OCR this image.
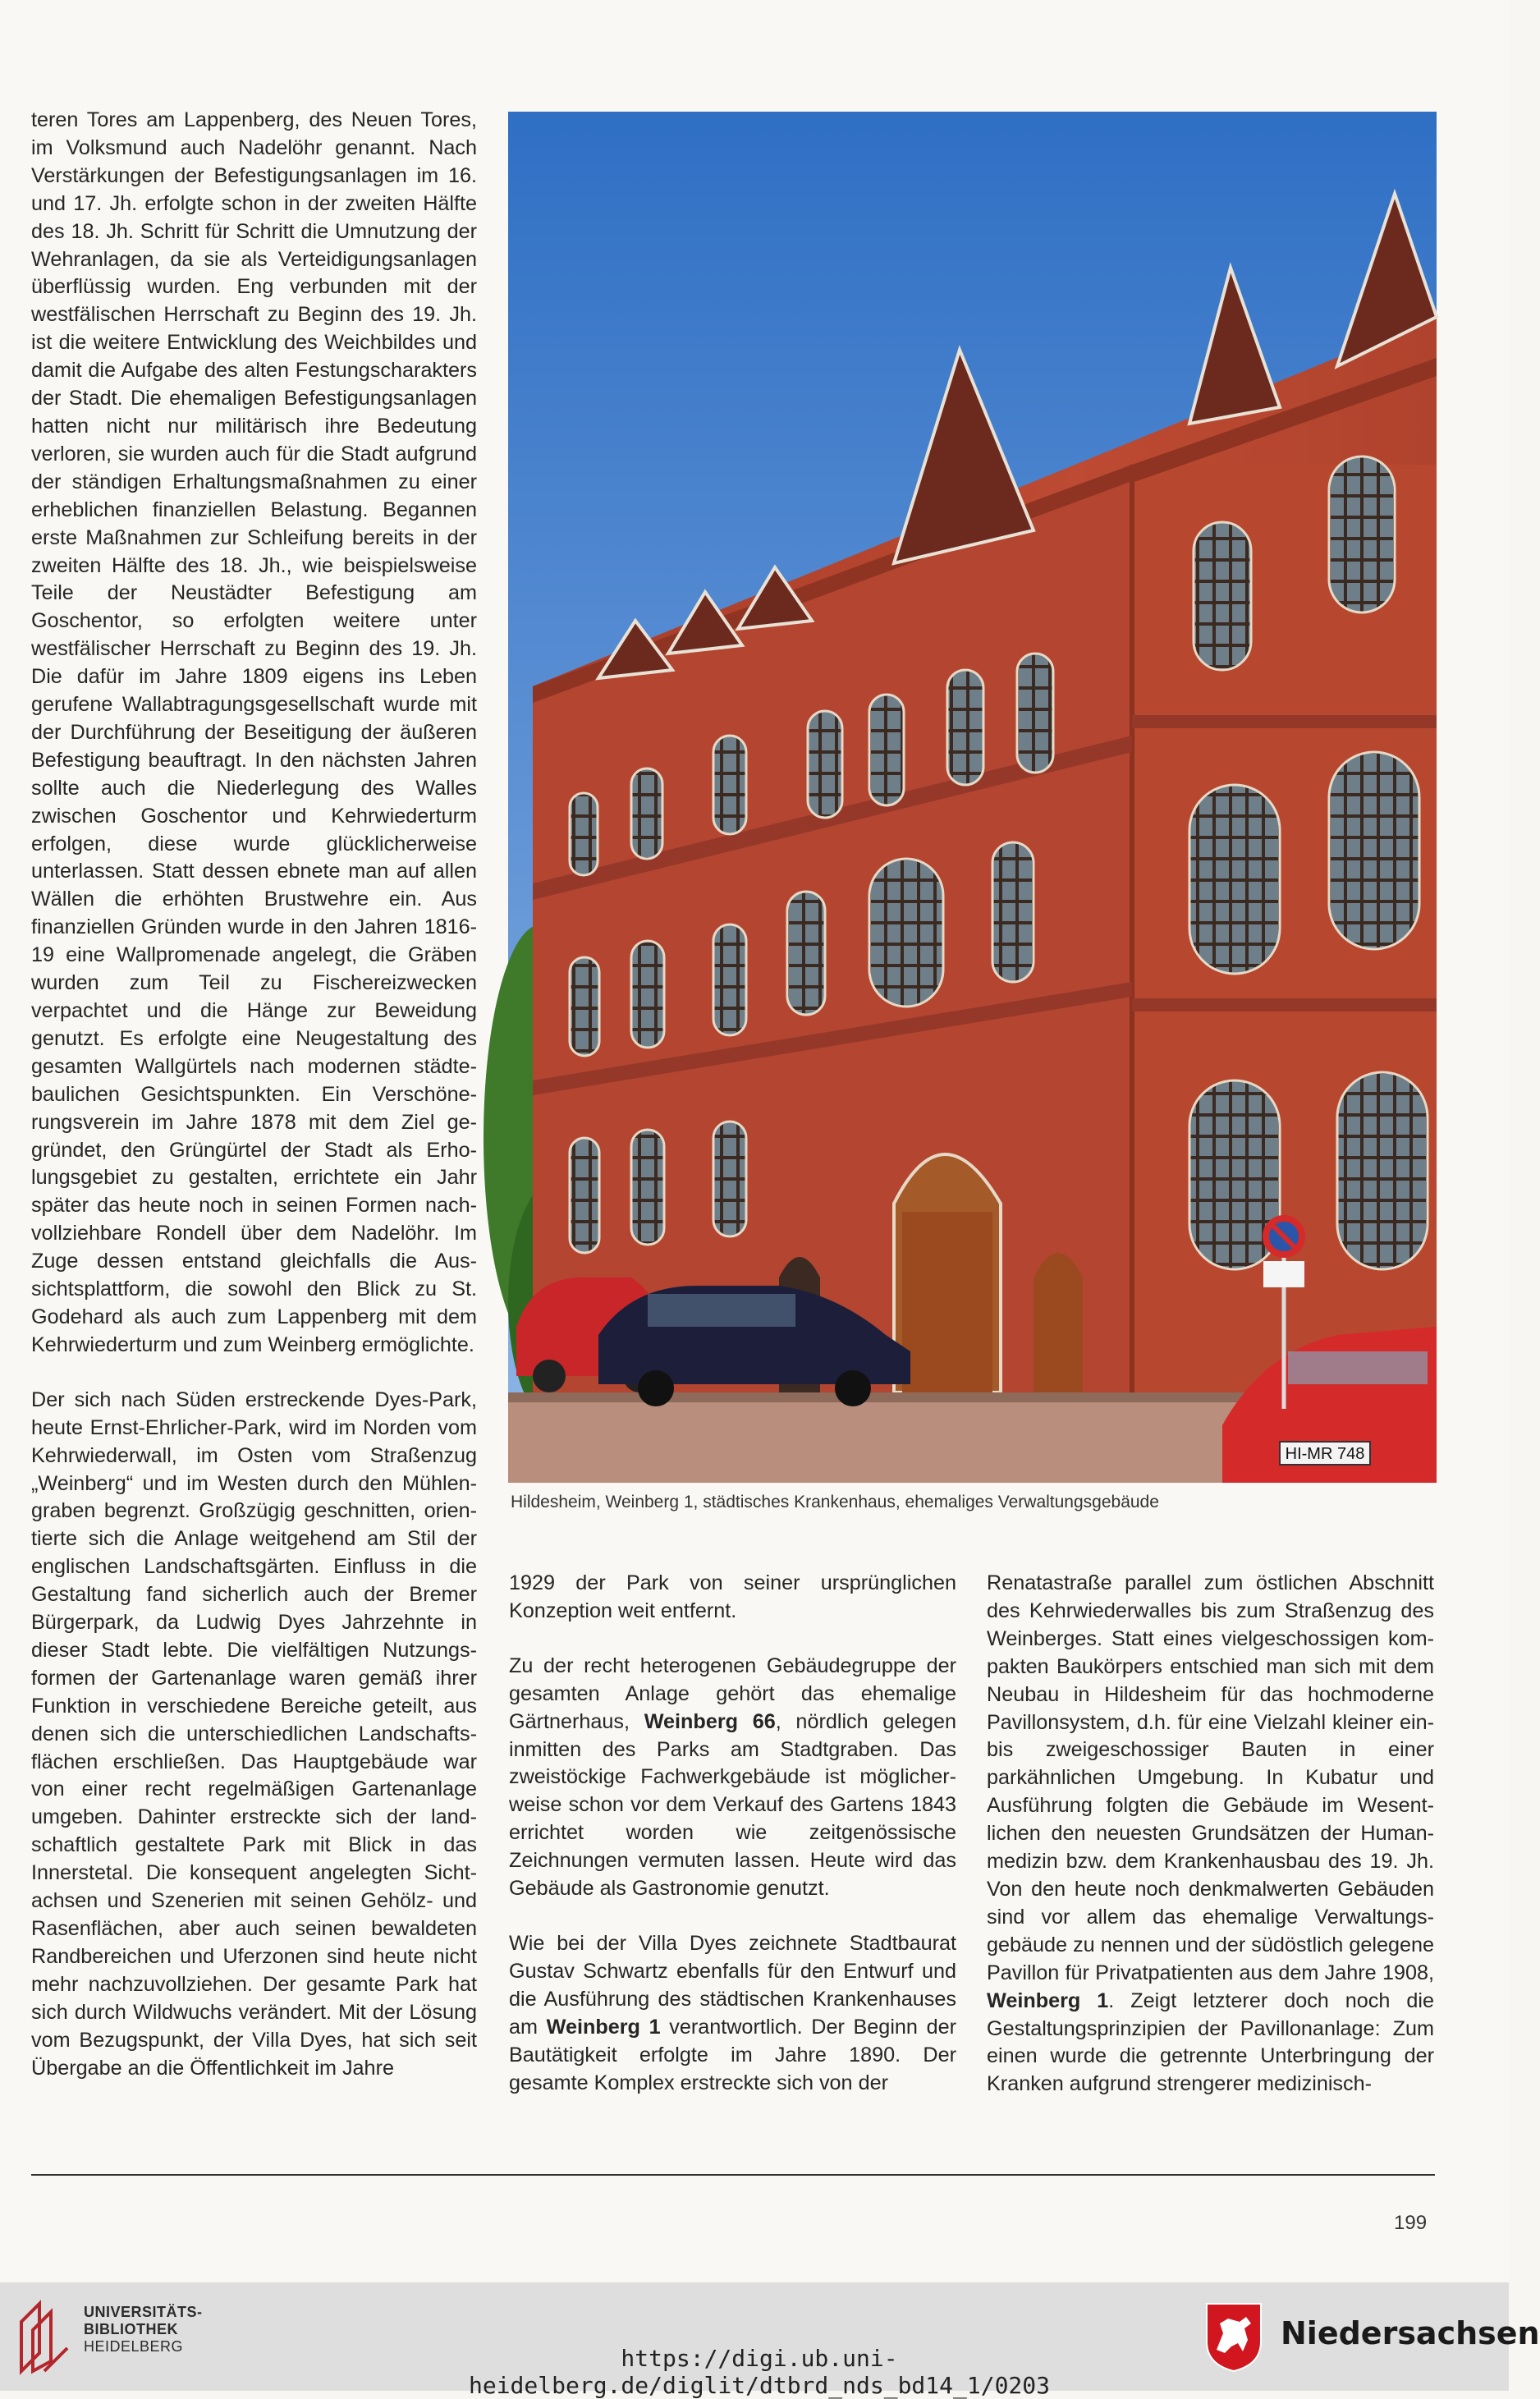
teren Tores am Lappenberg, des Neuen Tores, im Volksmund auch Nadelöhr genannt. Nach Verstärkungen der Befestigungsanlagen im 16. und 17. Jh. erfolgte schon in der zweiten Hälfte des 18. Jh. Schritt für Schritt die Umnutzung der Wehranlagen, da sie als Verteidigungsanlagen überflüssig wurden. Eng verbunden mit der westfälischen Herrschaft zu Beginn des 19. Jh. ist die weitere Entwicklung des Weichbildes und damit die Aufgabe des alten Festungscharakters der Stadt. Die ehemaligen Befestigungsanlagen hatten nicht nur militärisch ihre Bedeutung verloren, sie wurden auch für die Stadt aufgrund der ständigen Erhaltungsmaßnahmen zu einer erheblichen finanziellen Belastung. Begannen erste Maßnahmen zur Schleifung bereits in der zweiten Hälfte des 18. Jh., wie beispielsweise Teile der Neustädter Befestigung am Goschentor, so erfolgten weitere unter westfälischer Herrschaft zu Beginn des 19. Jh. Die dafür im Jahre 1809 eigens ins Leben gerufene Wallabtragungsgesellschaft wurde mit der Durchführung der Beseitigung der äußeren Befestigung beauftragt. In den nächsten Jahren sollte auch die Niederlegung des Walles zwischen Goschentor und Kehrwiederturm erfolgen, diese wurde glücklicherweise unterlassen. Statt dessen ebnete man auf allen Wällen die erhöhten Brustwehre ein. Aus finanziellen Gründen wurde in den Jahren 1816-19 eine Wallpromenade angelegt, die Gräben wurden zum Teil zu Fischereizwecken verpachtet und die Hänge zur Beweidung genutzt. Es erfolgte eine Neugestaltung des gesamten Wallgürtels nach modernen städtebaulichen Gesichtspunkten. Ein Verschönerungsverein im Jahre 1878 mit dem Ziel gegründet, den Grüngürtel der Stadt als Erholungsgebiet zu gestalten, errichtete ein Jahr später das heute noch in seinen Formen nachvollziehbare Rondell über dem Nadelöhr. Im Zuge dessen entstand gleichfalls die Aussichtsplattform, die sowohl den Blick zu St. Godehard als auch zum Lappenberg mit dem Kehrwiederturm und zum Weinberg ermöglichte.

Der sich nach Süden erstreckende Dyes-Park, heute Ernst-Ehrlicher-Park, wird im Norden vom Kehrwiederwall, im Osten vom Straßenzug „Weinberg“ und im Westen durch den Mühlengraben begrenzt. Großzügig geschnitten, orientierte sich die Anlage weitgehend am Stil der englischen Landschaftsgärten. Einfluss in die Gestaltung fand sicherlich auch der Bremer Bürgerpark, da Ludwig Dyes Jahrzehnte in dieser Stadt lebte. Die vielfältigen Nutzungsformen der Gartenanlage waren gemäß ihrer Funktion in verschiedene Bereiche geteilt, aus denen sich die unterschiedlichen Landschaftsflächen erschließen. Das Hauptgebäude war von einer recht regelmäßigen Gartenanlage umgeben. Dahinter erstreckte sich der landschaftlich gestaltete Park mit Blick in das Innerstetal. Die konsequent angelegten Sichtachsen und Szenerien mit seinen Gehölz- und Rasenflächen, aber auch seinen bewaldeten Randbereichen und Uferzonen sind heute nicht mehr nachzuvollziehen. Der gesamte Park hat sich durch Wildwuchs verändert. Mit der Lösung vom Bezugspunkt, der Villa Dyes, hat sich seit Übergabe an die Öffentlichkeit im Jahre

HI-MR 748
Hildesheim, Weinberg 1, städtisches Krankenhaus, ehemaliges Verwaltungsgebäude

1929 der Park von seiner ursprünglichen Konzeption weit entfernt.

Zu der recht heterogenen Gebäudegruppe der gesamten Anlage gehört das ehemalige Gärtnerhaus, Weinberg 66, nördlich gelegen inmitten des Parks am Stadtgraben. Das zweistöckige Fachwerkgebäude ist möglicherweise schon vor dem Verkauf des Gartens 1843 errichtet worden wie zeitgenössische Zeichnungen vermuten lassen. Heute wird das Gebäude als Gastronomie genutzt.

Wie bei der Villa Dyes zeichnete Stadtbaurat Gustav Schwartz ebenfalls für den Entwurf und die Ausführung des städtischen Krankenhauses am Weinberg 1 verantwortlich. Der Beginn der Bautätigkeit erfolgte im Jahre 1890. Der gesamte Komplex erstreckte sich von der

Renatastraße parallel zum östlichen Abschnitt des Kehrwiederwalles bis zum Straßenzug des Weinberges. Statt eines vielgeschossigen kompakten Baukörpers entschied man sich mit dem Neubau in Hildesheim für das hochmoderne Pavillonsystem, d.h. für eine Vielzahl kleiner ein- bis zweigeschossiger Bauten in einer parkähnlichen Umgebung. In Kubatur und Ausführung folgten die Gebäude im Wesentlichen den neuesten Grundsätzen der Humanmedizin bzw. dem Krankenhausbau des 19. Jh. Von den heute noch denkmalwerten Gebäuden sind vor allem das ehemalige Verwaltungsgebäude zu nennen und der südöstlich gelegene Pavillon für Privatpatienten aus dem Jahre 1908, Weinberg 1. Zeigt letzterer doch noch die Gestaltungsprinzipien der Pavillonanlage: Zum einen wurde die getrennte Unterbringung der Kranken aufgrund strengerer medizinisch-

199
UNIVERSITÄTS-
BIBLIOTHEK
HEIDELBERG	https://digi.ub.uni-heidelberg.de/diglit/dtbrd_nds_bd14_1/0203
Niedersachsen
